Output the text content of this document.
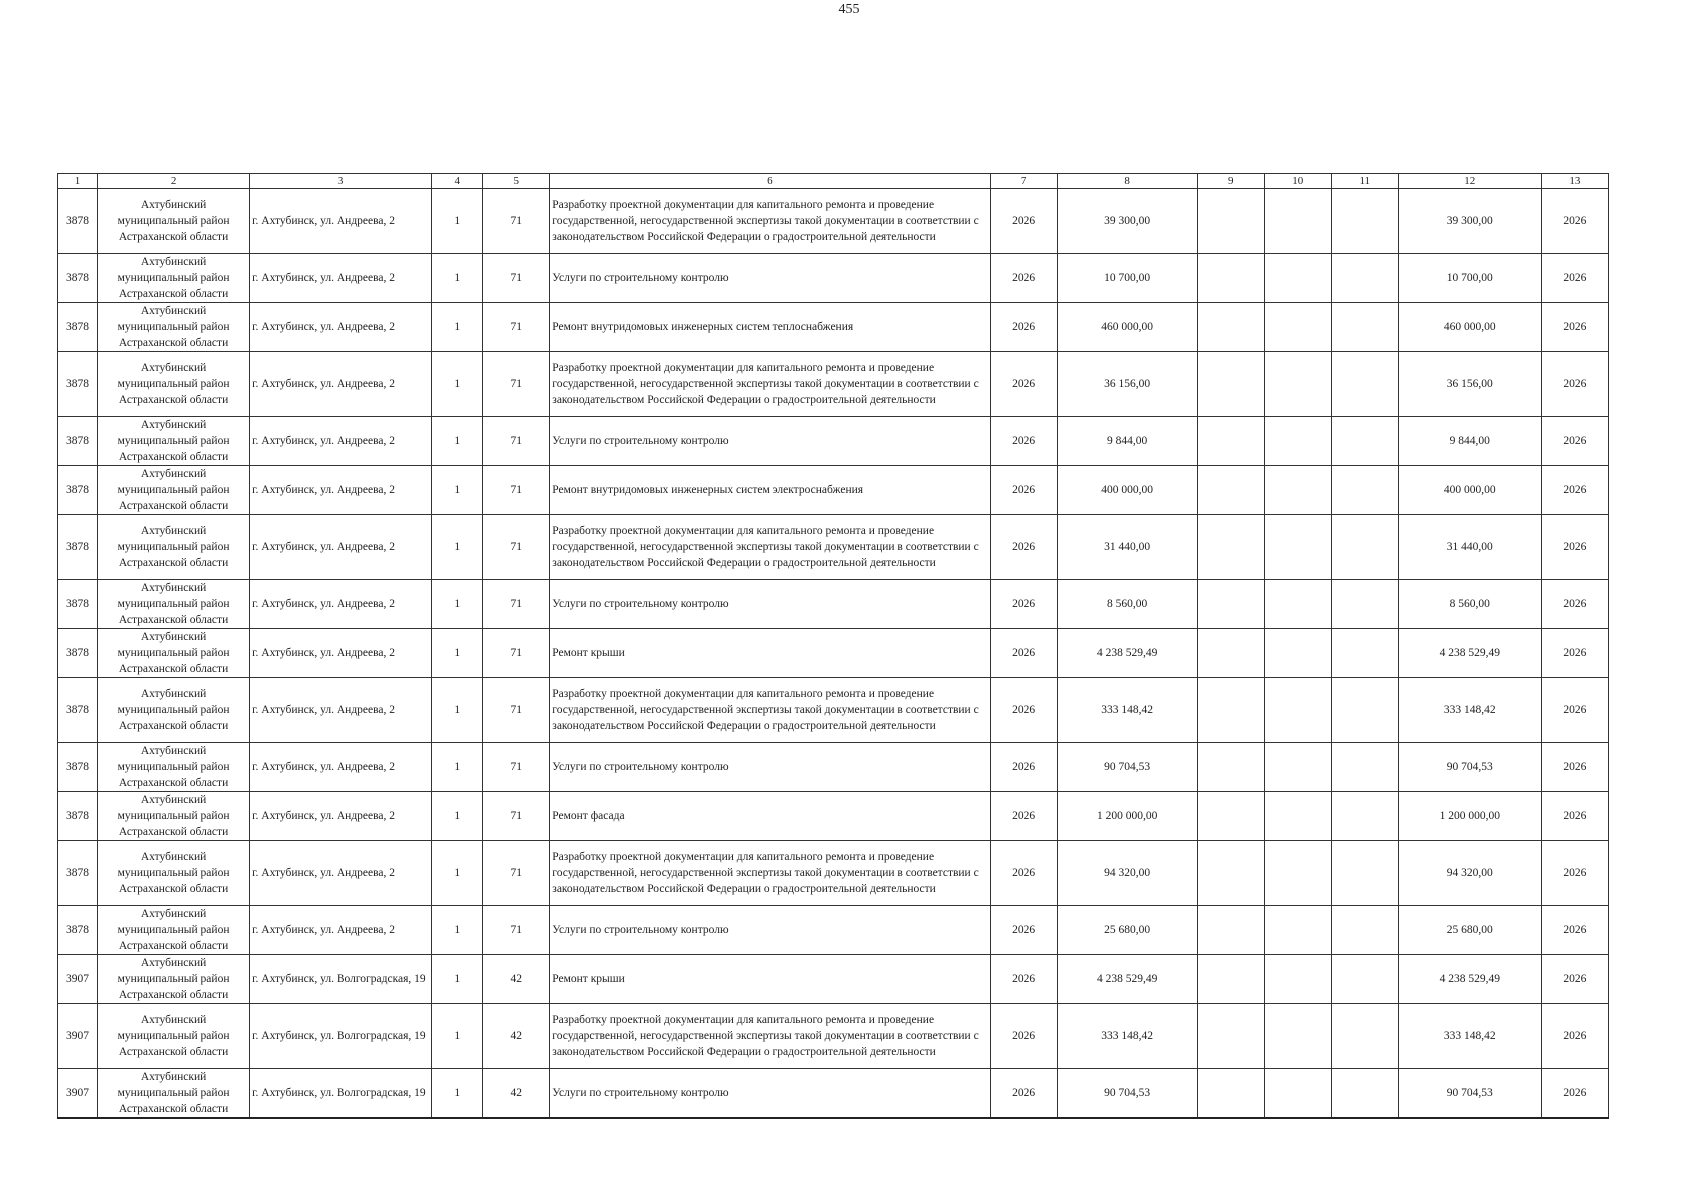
455
1	2	3	4	5	6	7	8	9	10	11	12	13
3878	Ахтубинский муниципальный район Астраханской области	г. Ахтубинск, ул. Андреева, 2	1	71	Разработку проектной документации для капитального ремонта и проведение государственной, негосударственной экспертизы такой документации в соответствии с законодательством Российской Федерации о градостроительной деятельности	2026	39 300,00				39 300,00	2026
3878	Ахтубинский муниципальный район Астраханской области	г. Ахтубинск, ул. Андреева, 2	1	71	Услуги по строительному контролю	2026	10 700,00				10 700,00	2026
3878	Ахтубинский муниципальный район Астраханской области	г. Ахтубинск, ул. Андреева, 2	1	71	Ремонт внутридомовых инженерных систем теплоснабжения	2026	460 000,00				460 000,00	2026
3878	Ахтубинский муниципальный район Астраханской области	г. Ахтубинск, ул. Андреева, 2	1	71	Разработку проектной документации для капитального ремонта и проведение государственной, негосударственной экспертизы такой документации в соответствии с законодательством Российской Федерации о градостроительной деятельности	2026	36 156,00				36 156,00	2026
3878	Ахтубинский муниципальный район Астраханской области	г. Ахтубинск, ул. Андреева, 2	1	71	Услуги по строительному контролю	2026	9 844,00				9 844,00	2026
3878	Ахтубинский муниципальный район Астраханской области	г. Ахтубинск, ул. Андреева, 2	1	71	Ремонт внутридомовых инженерных систем электроснабжения	2026	400 000,00				400 000,00	2026
3878	Ахтубинский муниципальный район Астраханской области	г. Ахтубинск, ул. Андреева, 2	1	71	Разработку проектной документации для капитального ремонта и проведение государственной, негосударственной экспертизы такой документации в соответствии с законодательством Российской Федерации о градостроительной деятельности	2026	31 440,00				31 440,00	2026
3878	Ахтубинский муниципальный район Астраханской области	г. Ахтубинск, ул. Андреева, 2	1	71	Услуги по строительному контролю	2026	8 560,00				8 560,00	2026
3878	Ахтубинский муниципальный район Астраханской области	г. Ахтубинск, ул. Андреева, 2	1	71	Ремонт крыши	2026	4 238 529,49				4 238 529,49	2026
3878	Ахтубинский муниципальный район Астраханской области	г. Ахтубинск, ул. Андреева, 2	1	71	Разработку проектной документации для капитального ремонта и проведение государственной, негосударственной экспертизы такой документации в соответствии с законодательством Российской Федерации о градостроительной деятельности	2026	333 148,42				333 148,42	2026
3878	Ахтубинский муниципальный район Астраханской области	г. Ахтубинск, ул. Андреева, 2	1	71	Услуги по строительному контролю	2026	90 704,53				90 704,53	2026
3878	Ахтубинский муниципальный район Астраханской области	г. Ахтубинск, ул. Андреева, 2	1	71	Ремонт фасада	2026	1 200 000,00				1 200 000,00	2026
3878	Ахтубинский муниципальный район Астраханской области	г. Ахтубинск, ул. Андреева, 2	1	71	Разработку проектной документации для капитального ремонта и проведение государственной, негосударственной экспертизы такой документации в соответствии с законодательством Российской Федерации о градостроительной деятельности	2026	94 320,00				94 320,00	2026
3878	Ахтубинский муниципальный район Астраханской области	г. Ахтубинск, ул. Андреева, 2	1	71	Услуги по строительному контролю	2026	25 680,00				25 680,00	2026
3907	Ахтубинский муниципальный район Астраханской области	г. Ахтубинск, ул. Волгоградская, 19	1	42	Ремонт крыши	2026	4 238 529,49				4 238 529,49	2026
3907	Ахтубинский муниципальный район Астраханской области	г. Ахтубинск, ул. Волгоградская, 19	1	42	Разработку проектной документации для капитального ремонта и проведение государственной, негосударственной экспертизы такой документации в соответствии с законодательством Российской Федерации о градостроительной деятельности	2026	333 148,42				333 148,42	2026
3907	Ахтубинский муниципальный район Астраханской области	г. Ахтубинск, ул. Волгоградская, 19	1	42	Услуги по строительному контролю	2026	90 704,53				90 704,53	2026
